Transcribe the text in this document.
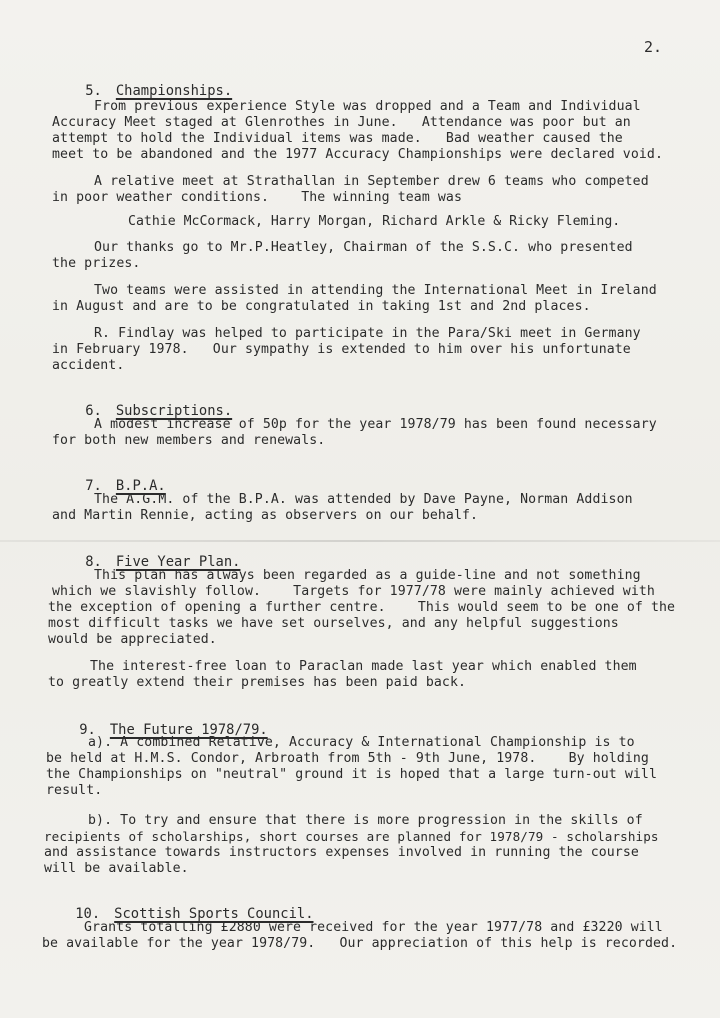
2.

5. Championships.

From previous experience Style was dropped and a Team and Individual
Accuracy Meet staged at Glenrothes in June.   Attendance was poor but an
attempt to hold the Individual items was made.   Bad weather caused the
meet to be abandoned and the 1977 Accuracy Championships were declared void.
A relative meet at Strathallan in September drew 6 teams who competed
in poor weather conditions.    The winning team was
Cathie McCormack, Harry Morgan, Richard Arkle & Ricky Fleming.
Our thanks go to Mr.P.Heatley, Chairman of the S.S.C. who presented
the prizes.
Two teams were assisted in attending the International Meet in Ireland
in August and are to be congratulated in taking 1st and 2nd places.
R. Findlay was helped to participate in the Para/Ski meet in Germany
in February 1978.   Our sympathy is extended to him over his unfortunate
accident.

6. Subscriptions.

A modest increase of 50p for the year 1978/79 has been found necessary
for both new members and renewals.

7. B.P.A.

The A.G.M. of the B.P.A. was attended by Dave Payne, Norman Addison
and Martin Rennie, acting as observers on our behalf.

8. Five Year Plan.

This plan has always been regarded as a guide-line and not something
which we slavishly follow.    Targets for 1977/78 were mainly achieved with
the exception of opening a further centre.    This would seem to be one of the
most difficult tasks we have set ourselves, and any helpful suggestions
would be appreciated.
The interest-free loan to Paraclan made last year which enabled them
to greatly extend their premises has been paid back.

9. The Future 1978/79.

a). A combined Relative, Accuracy & International Championship is to
be held at H.M.S. Condor, Arbroath from 5th - 9th June, 1978.    By holding
the Championships on "neutral" ground it is hoped that a large turn-out will
result.
b). To try and ensure that there is more progression in the skills of
recipients of scholarships, short courses are planned for 1978/79 - scholarships
and assistance towards instructors expenses involved in running the course
will be available.

10. Scottish Sports Council.

Grants totalling £2880 were received for the year 1977/78 and £3220 will
be available for the year 1978/79.   Our appreciation of this help is recorded.
